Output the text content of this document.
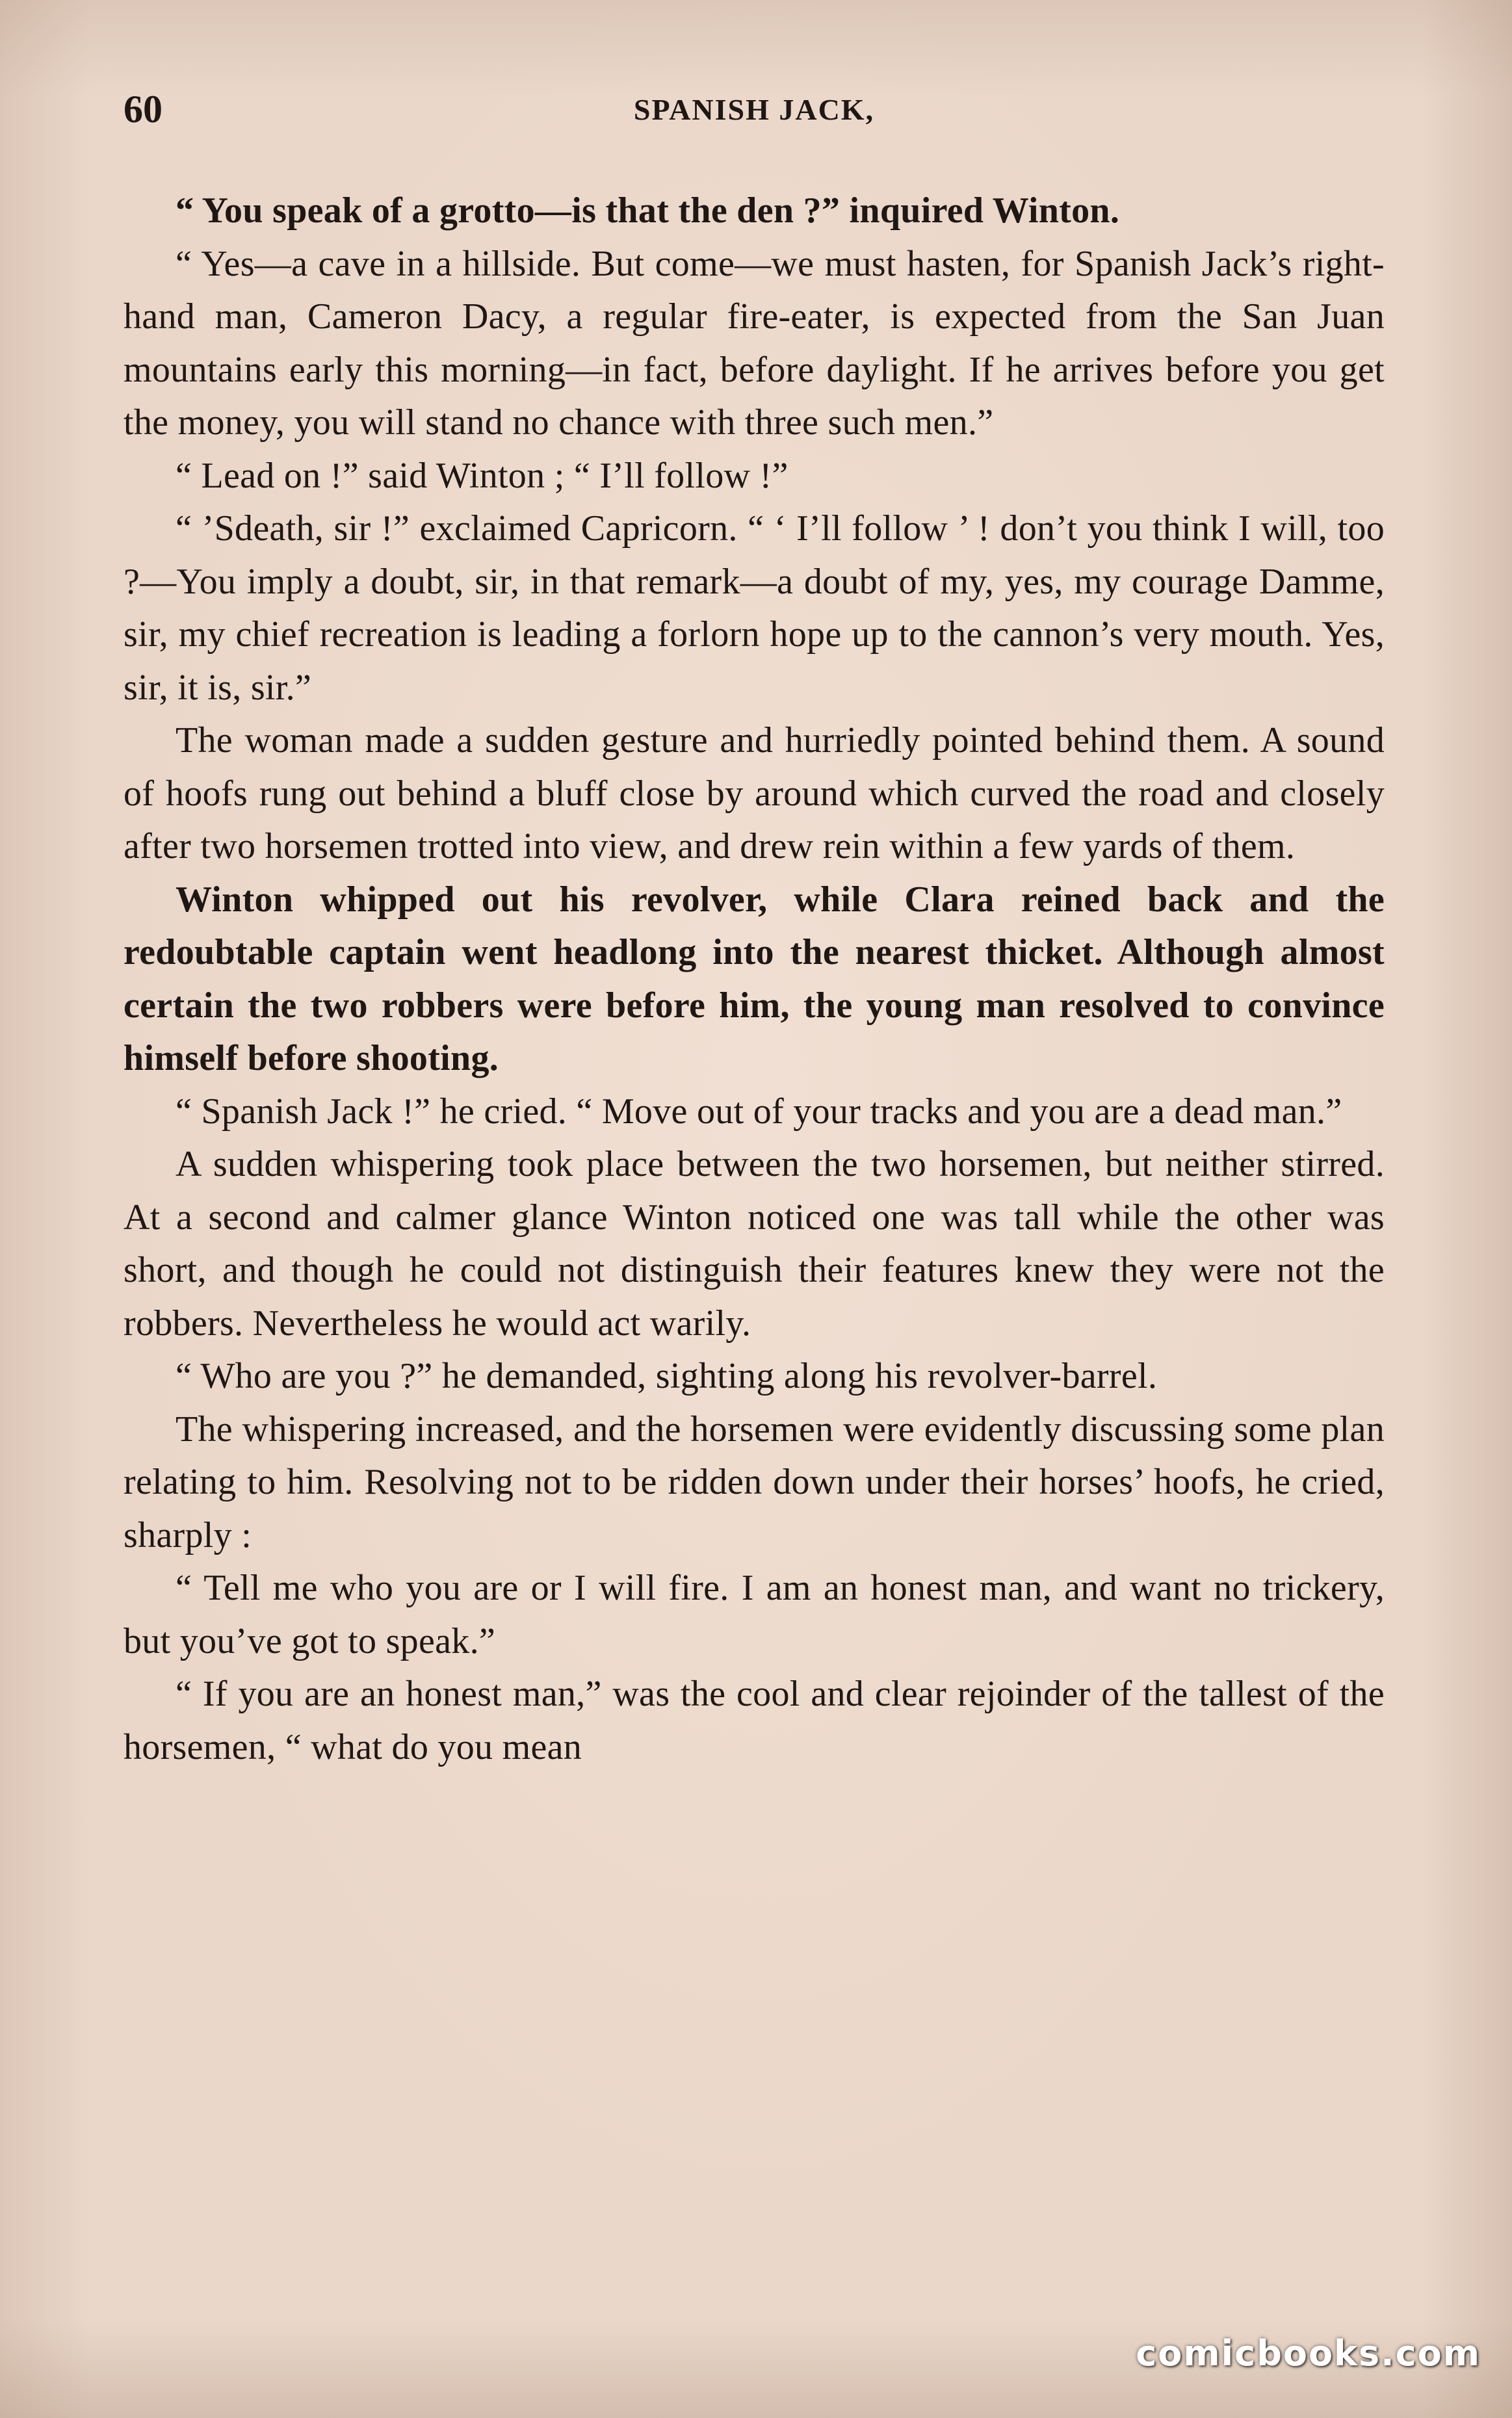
60	SPANISH JACK,

“ You speak of a grotto—is that the den ?” inquired Winton.

“ Yes—a cave in a hillside. But come—we must hasten, for Spanish Jack’s right-hand man, Cameron Dacy, a regular fire-eater, is expected from the San Juan mountains early this morning—in fact, before daylight. If he arrives before you get the money, you will stand no chance with three such men.”

“ Lead on !” said Winton ; “ I’ll follow !”

“ ’Sdeath, sir !” exclaimed Capricorn. “ ‘ I’ll follow ’ ! don’t you think I will, too ?—You imply a doubt, sir, in that remark—a doubt of my, yes, my courage Damme, sir, my chief recreation is leading a forlorn hope up to the cannon’s very mouth. Yes, sir, it is, sir.”

The woman made a sudden gesture and hurriedly pointed behind them. A sound of hoofs rung out behind a bluff close by around which curved the road and closely after two horsemen trotted into view, and drew rein within a few yards of them.

Winton whipped out his revolver, while Clara reined back and the redoubtable captain went headlong into the nearest thicket. Although almost certain the two robbers were before him, the young man resolved to convince himself before shooting.

“ Spanish Jack !” he cried. “ Move out of your tracks and you are a dead man.”

A sudden whispering took place between the two horsemen, but neither stirred. At a second and calmer glance Winton noticed one was tall while the other was short, and though he could not distinguish their features knew they were not the robbers. Nevertheless he would act warily.

“ Who are you ?” he demanded, sighting along his revolver-barrel.

The whispering increased, and the horsemen were evidently discussing some plan relating to him. Resolving not to be ridden down under their horses’ hoofs, he cried, sharply :

“ Tell me who you are or I will fire. I am an honest man, and want no trickery, but you’ve got to speak.”

“ If you are an honest man,” was the cool and clear rejoinder of the tallest of the horsemen, “ what do you mean

comicbooks.com
